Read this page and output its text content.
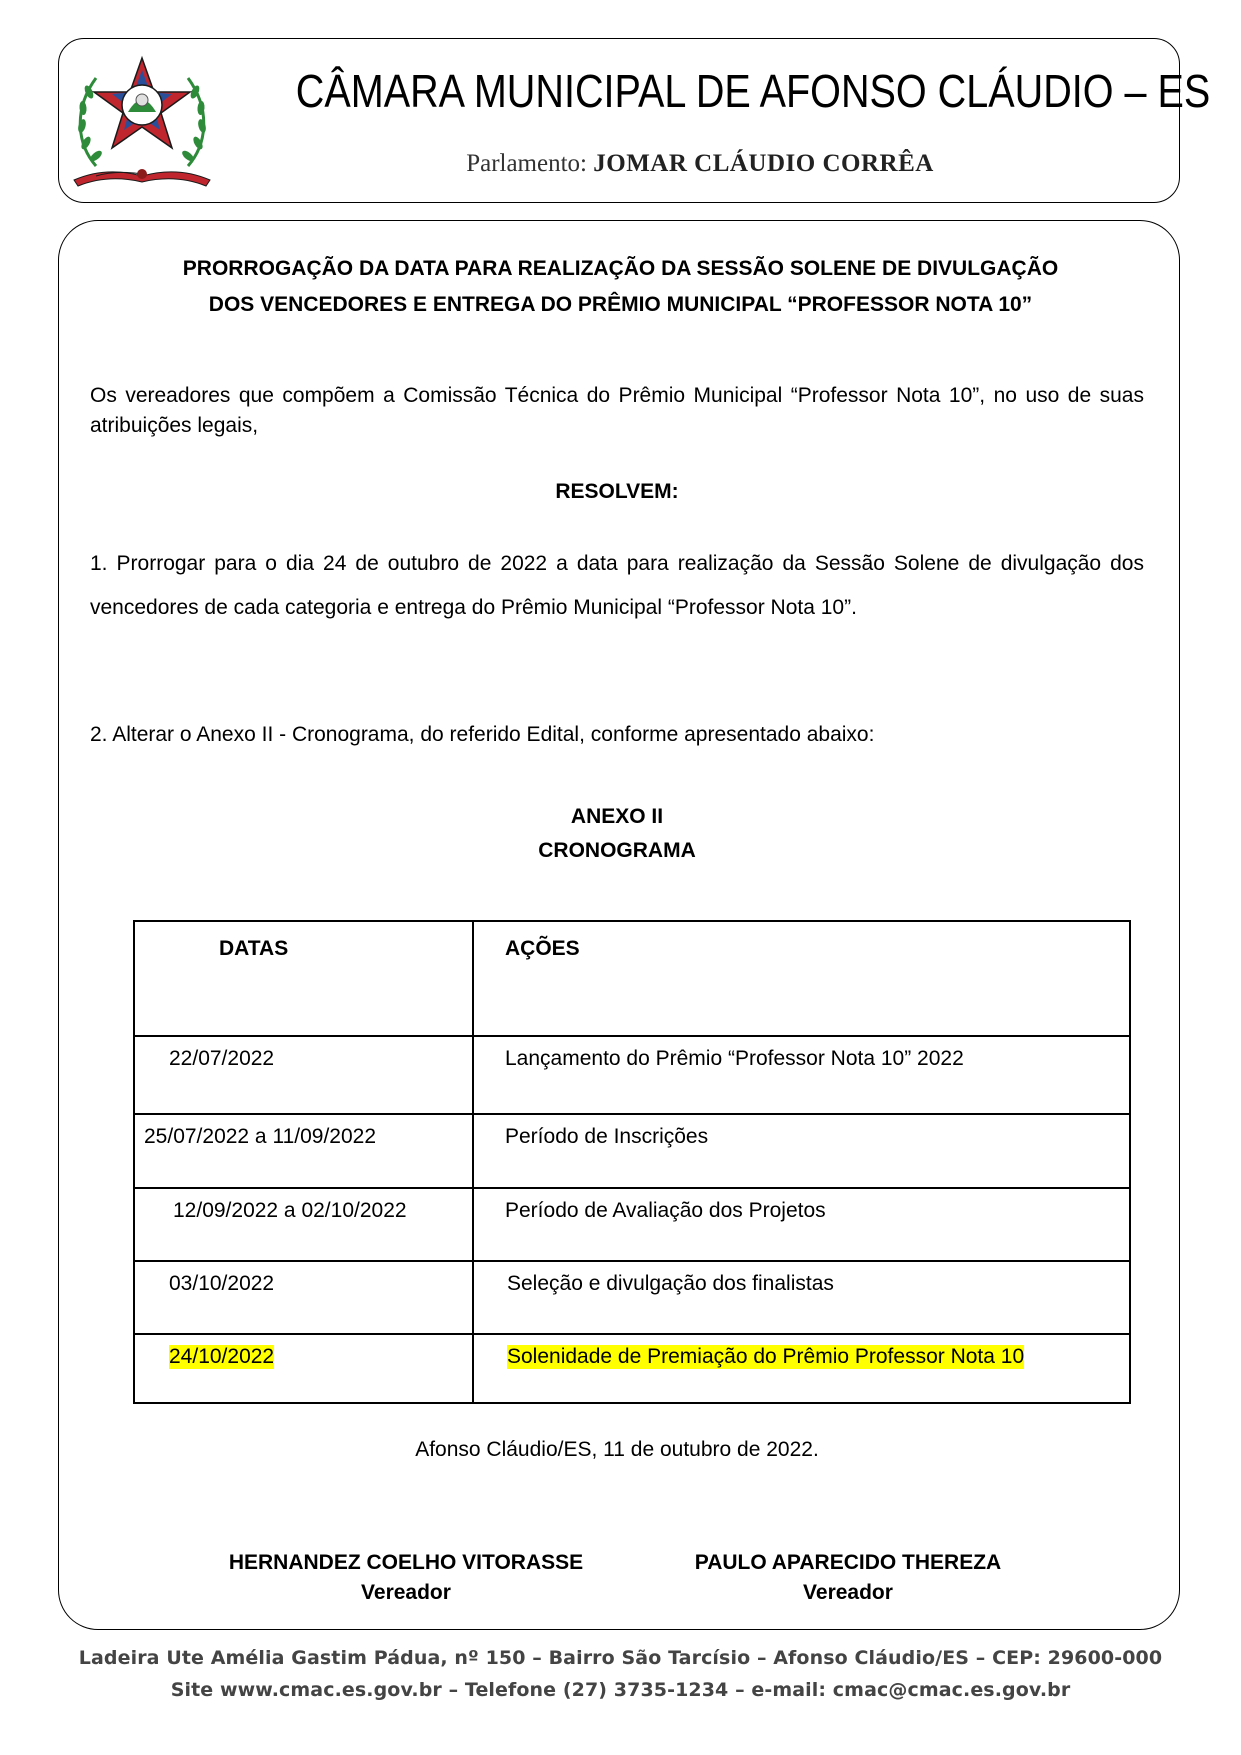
CÂMARA MUNICIPAL DE AFONSO CLÁUDIO – ES
Parlamento: JOMAR CLÁUDIO CORRÊA
PRORROGAÇÃO DA DATA PARA REALIZAÇÃO DA SESSÃO SOLENE DE DIVULGAÇÃO
DOS VENCEDORES E ENTREGA DO PRÊMIO MUNICIPAL “PROFESSOR NOTA 10”
Os vereadores que compõem a Comissão Técnica do Prêmio Municipal “Professor Nota 10”, no uso de suas atribuições legais,
RESOLVEM:
1. Prorrogar para o dia 24 de outubro de 2022 a data para realização da Sessão Solene de divulgação dos vencedores de cada categoria e entrega do Prêmio Municipal “Professor Nota 10”.
2. Alterar o Anexo II - Cronograma, do referido Edital, conforme apresentado abaixo:
ANEXO II
CRONOGRAMA
DATAS	AÇÕES
22/07/2022	Lançamento do Prêmio “Professor Nota 10” 2022
25/07/2022 a 11/09/2022	Período de Inscrições
12/09/2022 a 02/10/2022	Período de Avaliação dos Projetos
03/10/2022	Seleção e divulgação dos finalistas
24/10/2022	Solenidade de Premiação do Prêmio Professor Nota 10
Afonso Cláudio/ES, 11 de outubro de 2022.
HERNANDEZ COELHO VITORASSE
Vereador
PAULO APARECIDO THEREZA
Vereador
Ladeira Ute Amélia Gastim Pádua, nº 150 – Bairro São Tarcísio – Afonso Cláudio/ES – CEP: 29600-000
Site www.cmac.es.gov.br – Telefone (27) 3735-1234 – e-mail: cmac@cmac.es.gov.br
